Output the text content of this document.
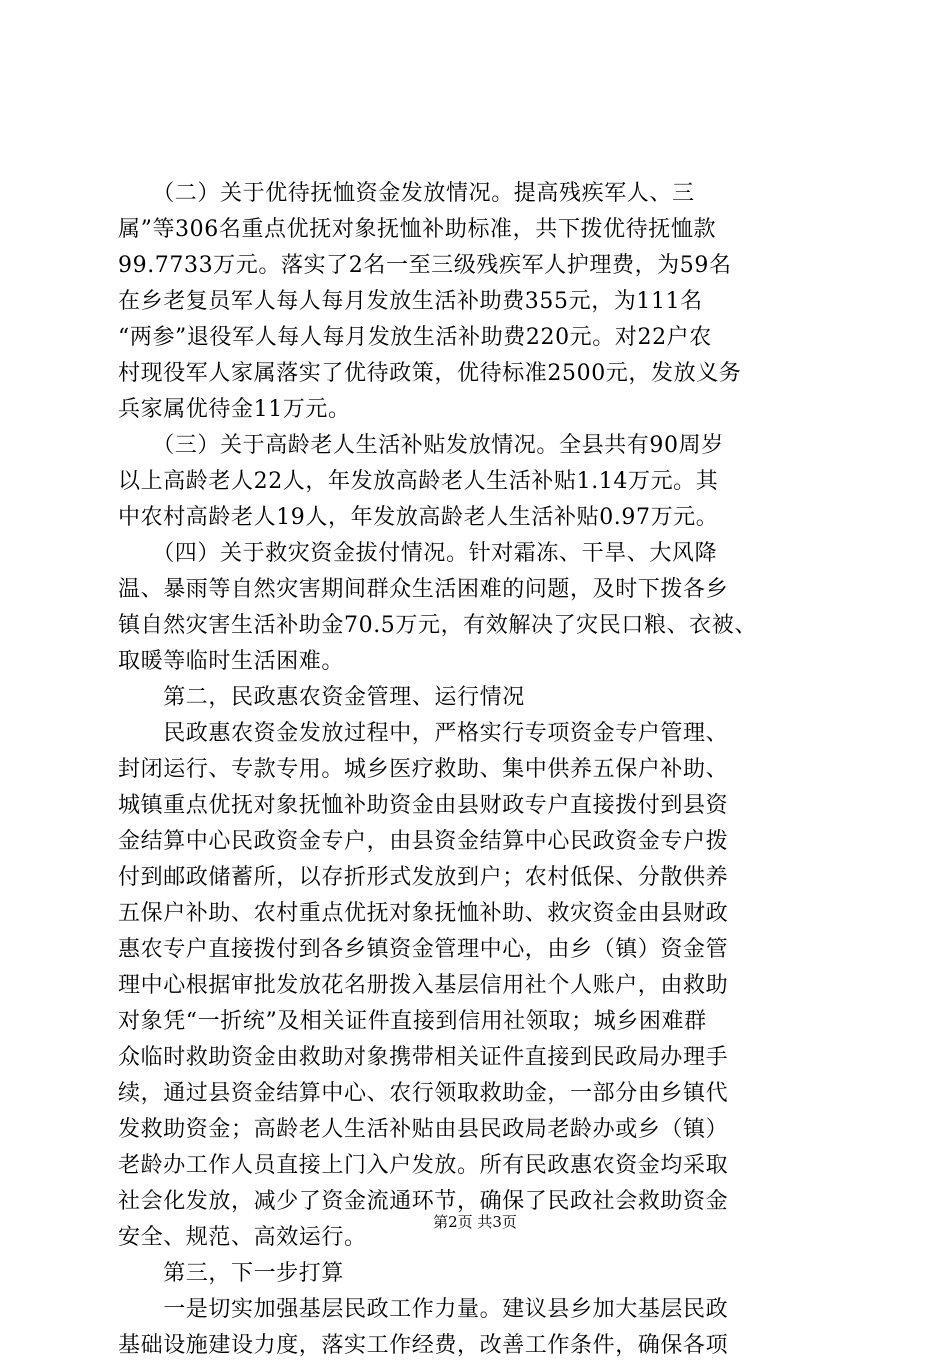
　　（二）关于优待抚恤资金发放情况。提高残疾军人、三
属”等306名重点优抚对象抚恤补助标准，共下拨优待抚恤款
99.7733万元。落实了2名一至三级残疾军人护理费，为59名
在乡老复员军人每人每月发放生活补助费355元，为111名
“两参”退役军人每人每月发放生活补助费220元。对22户农
村现役军人家属落实了优待政策，优待标准2500元，发放义务
兵家属优待金11万元。
　　（三）关于高龄老人生活补贴发放情况。全县共有90周岁
以上高龄老人22人，年发放高龄老人生活补贴1.14万元。其
中农村高龄老人19人，年发放高龄老人生活补贴0.97万元。
　　（四）关于救灾资金拔付情况。针对霜冻、干旱、大风降
温、暴雨等自然灾害期间群众生活困难的问题，及时下拨各乡
镇自然灾害生活补助金70.5万元，有效解决了灾民口粮、衣被、
取暖等临时生活困难。
　　第二，民政惠农资金管理、运行情况
　　民政惠农资金发放过程中，严格实行专项资金专户管理、
封闭运行、专款专用。城乡医疗救助、集中供养五保户补助、
城镇重点优抚对象抚恤补助资金由县财政专户直接拨付到县资
金结算中心民政资金专户，由县资金结算中心民政资金专户拨
付到邮政储蓄所，以存折形式发放到户；农村低保、分散供养
五保户补助、农村重点优抚对象抚恤补助、救灾资金由县财政
惠农专户直接拨付到各乡镇资金管理中心，由乡（镇）资金管
理中心根据审批发放花名册拨入基层信用社个人账户，由救助
对象凭“一折统”及相关证件直接到信用社领取；城乡困难群
众临时救助资金由救助对象携带相关证件直接到民政局办理手
续，通过县资金结算中心、农行领取救助金，一部分由乡镇代
发救助资金；高龄老人生活补贴由县民政局老龄办或乡（镇）
老龄办工作人员直接上门入户发放。所有民政惠农资金均采取
社会化发放，减少了资金流通环节，确保了民政社会救助资金
安全、规范、高效运行。
　　第三，下一步打算
　　一是切实加强基层民政工作力量。建议县乡加大基层民政
基础设施建设力度，落实工作经费，改善工作条件，确保各项
第2页 共3页
